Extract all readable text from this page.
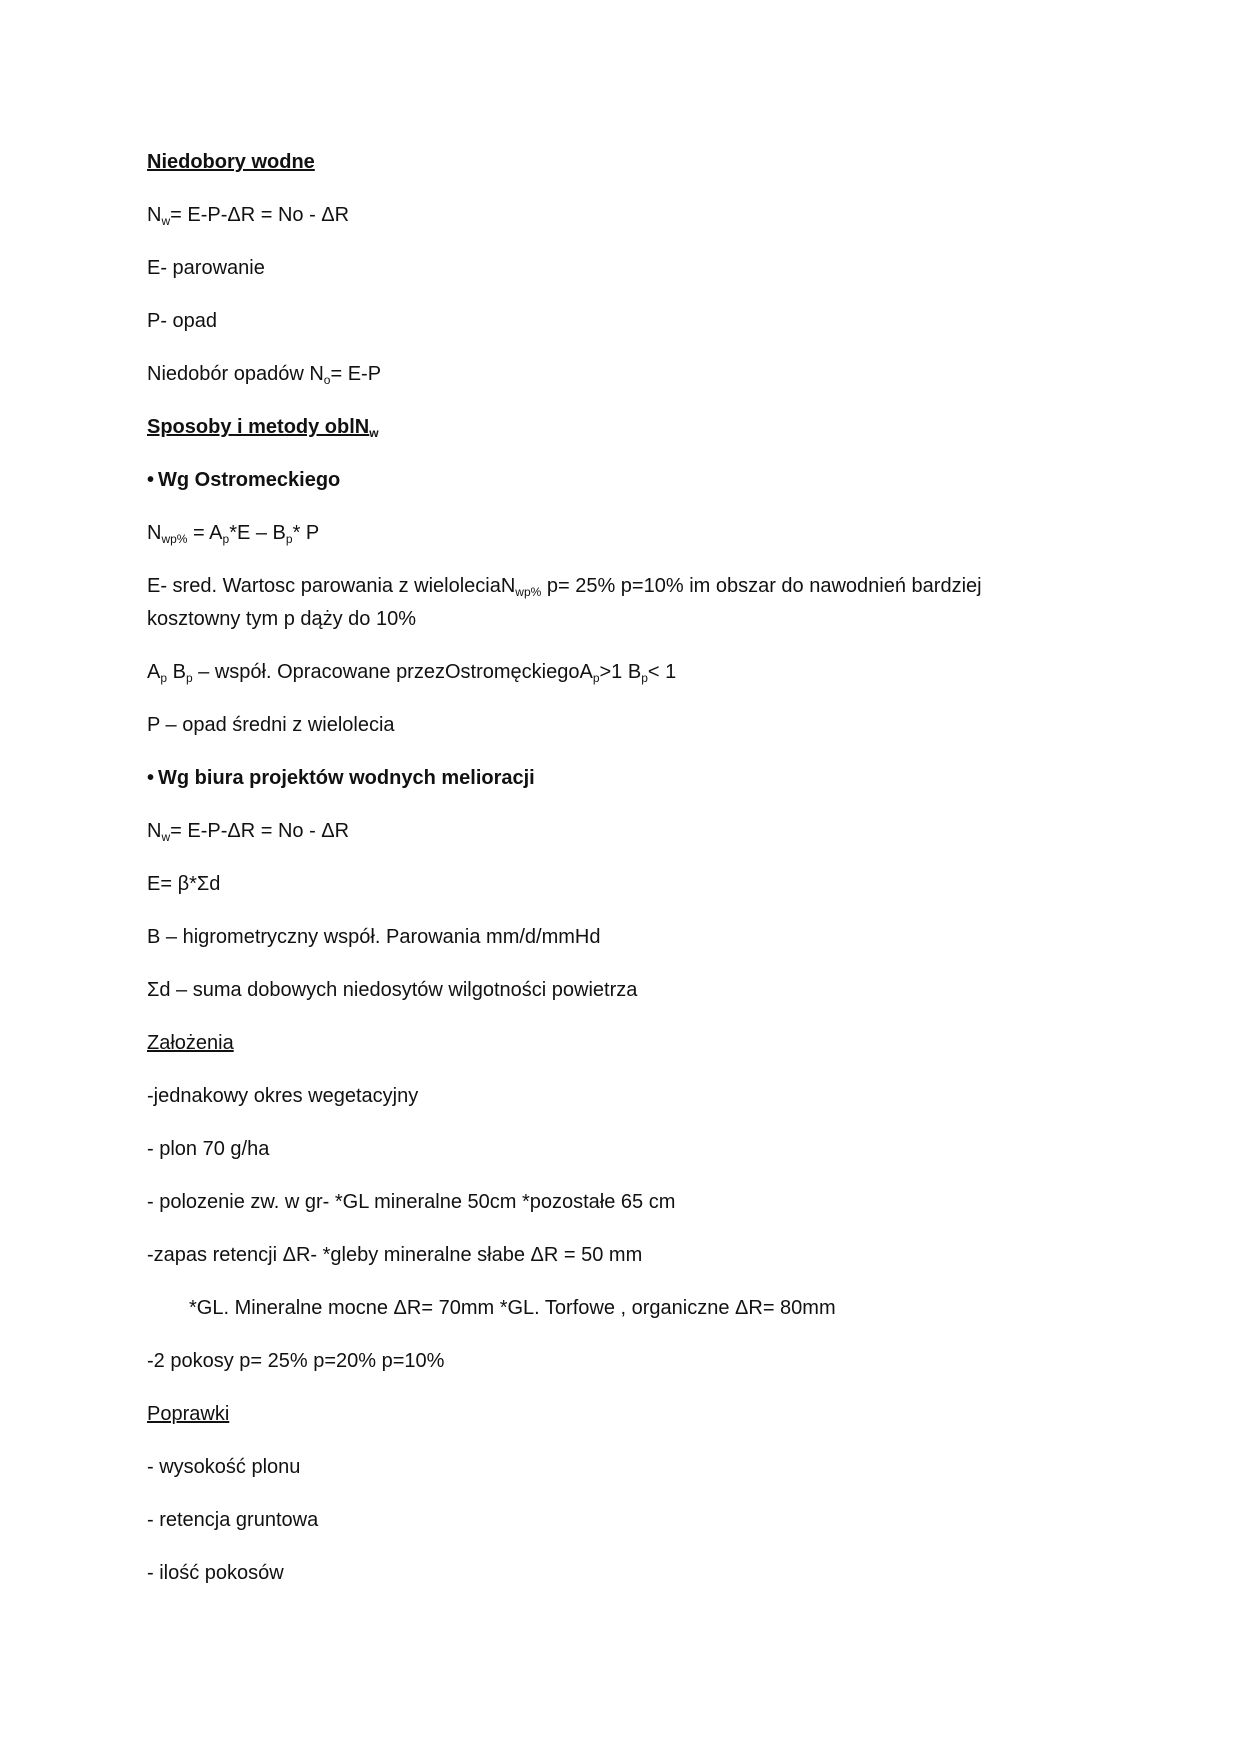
Niedobory wodne
$N_w= E-P-\Delta R = No - \Delta R$
E- parowanie
P- opad
Niedobór opadów $N_o= E-P$
Sposoby i metody oblN$_w$
• Wg Ostromeckiego
$N_{wp\%} = A_p*E - B_p*$ P
E- sred. Wartosc parowania z wieloleciaN$_{wp\%}$ p= 25% p=10% im obszar do nawodnień bardziej
kosztowny tym p dąży do 10%
$A_p$ $B_p$ – współ. Opracowane przezOstromęckiegoA$_p$>1 $B_p< 1$
P – opad średni z wielolecia
• Wg biura projektów wodnych melioracji
$N_w= E-P-\Delta R = No - \Delta R$
E= β*Σd
B – higrometryczny współ. Parowania mm/d/mmHd
Σd – suma dobowych niedosytów wilgotności powietrza
Założenia
-jednakowy okres wegetacyjny
- plon 70 g/ha
- polozenie zw. w gr- *GL mineralne 50cm *pozostałe 65 cm
-zapas retencji ΔR- *gleby mineralne słabe ΔR = 50 mm
*GL. Mineralne mocne ΔR= 70mm *GL. Torfowe , organiczne ΔR= 80mm
-2 pokosy p= 25% p=20% p=10%
Poprawki
- wysokość plonu
- retencja gruntowa
- ilość pokosów
